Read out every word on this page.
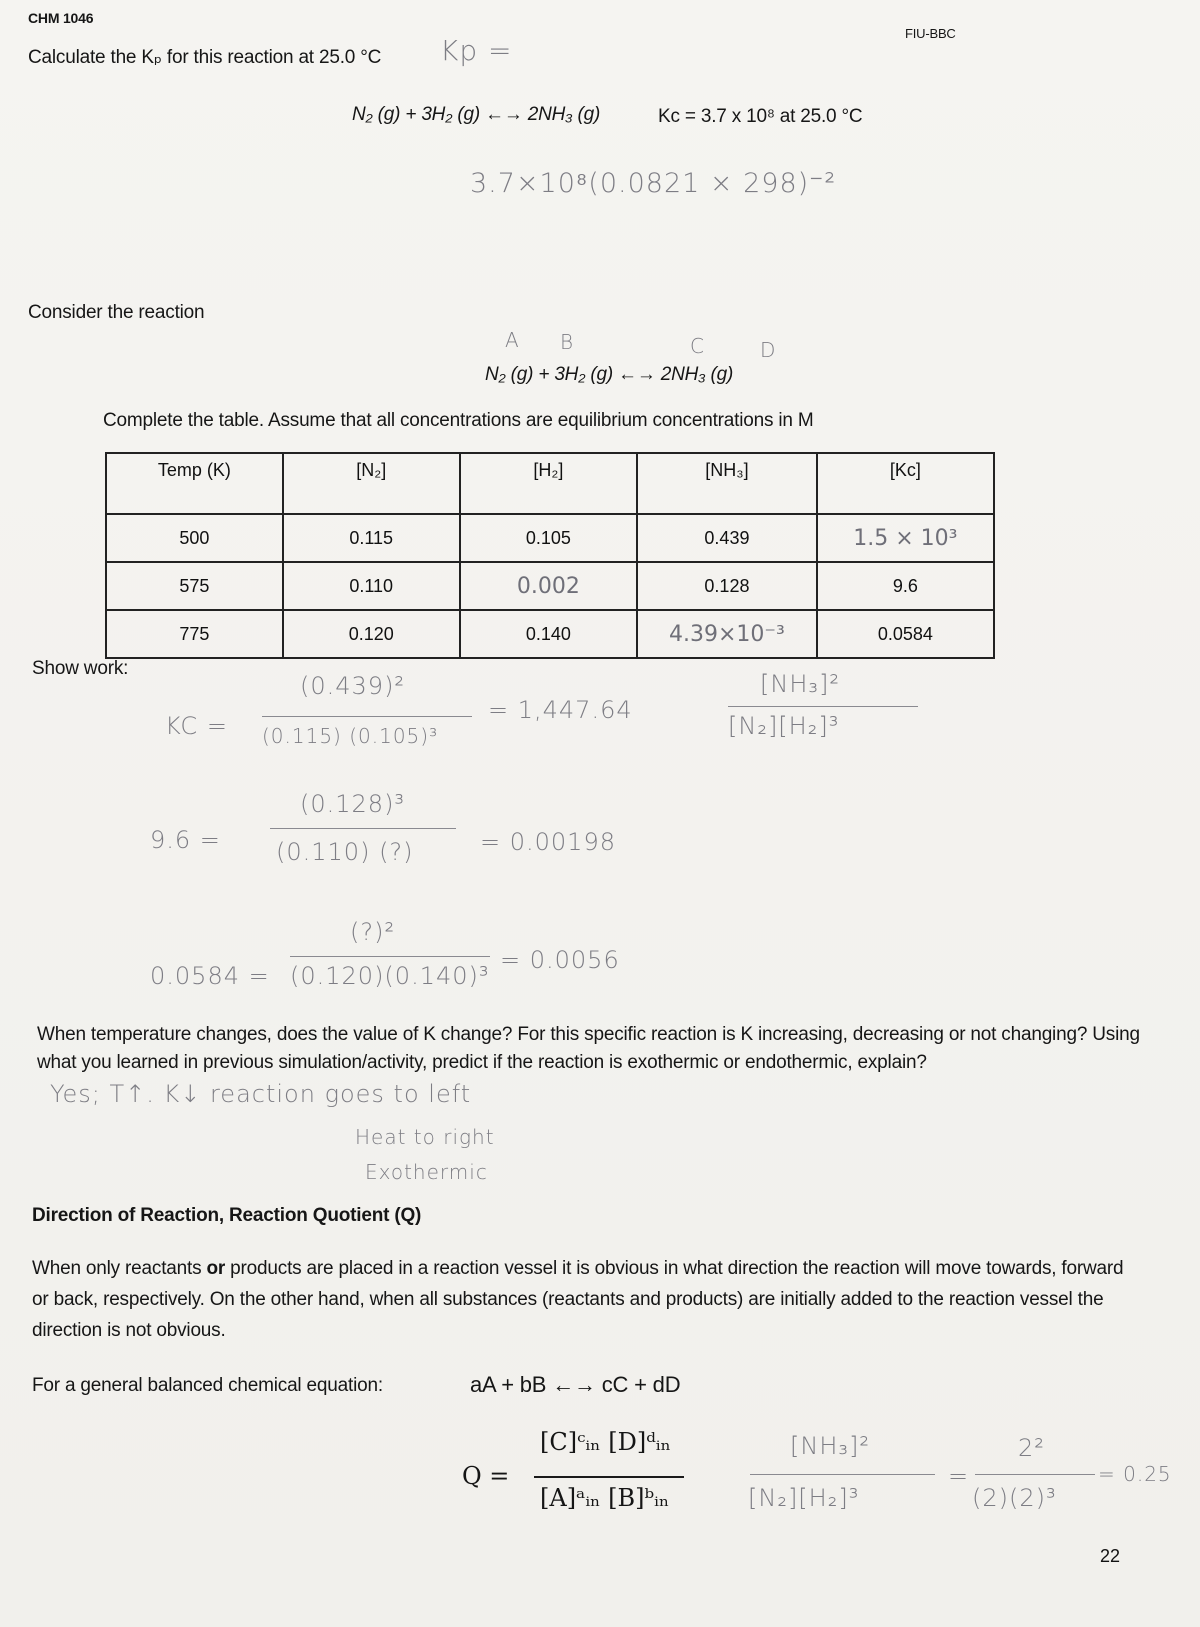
CHM 1046
FIU-BBC
Calculate the Kₚ for this reaction at 25.0 °C Kp =
N₂ (g) + 3H₂ (g) ←→ 2NH₃ (g)	Kc = 3.7 x 10⁸ at 25.0 °C
3.7×10⁸(0.0821 × 298)⁻²
Consider the reaction
A B	C	D
N₂ (g) + 3H₂ (g) ←→ 2NH₃ (g)
Complete the table. Assume that all concentrations are equilibrium concentrations in M
Temp (K)	[N₂]	[H₂]	[NH₃]	[Kc]
500	0.115	0.105	0.439	1.5 × 10³
575	0.110	0.002	0.128	9.6
775	0.120	0.140	4.39×10⁻³	0.0584
Show work:
KC =
(0.439)²
(0.115) (0.105)³
= 1,447.64
[NH₃]²
[N₂][H₂]³
9.6 =
(0.128)³
(0.110) (?)	= 0.00198
0.0584 =
(?)²
(0.120)(0.140)³
= 0.0056
When temperature changes, does the value of K change? For this specific reaction is K increasing, decreasing or not changing? Using
what you learned in previous simulation/activity, predict if the reaction is exothermic or endothermic, explain?
Yes; T↑. K↓ reaction goes to left
Heat to right
Exothermic
Direction of Reaction, Reaction Quotient (Q)
When only reactants or products are placed in a reaction vessel it is obvious in what direction the reaction will move towards, forward
or back, respectively. On the other hand, when all substances (reactants and products) are initially added to the reaction vessel the
direction is not obvious.
For a general balanced chemical equation:	aA + bB ←→ cC + dD
Q =
[C]ᶜᵢₙ [D]ᵈᵢₙ
[A]ᵃᵢₙ [B]ᵇᵢₙ
[NH₃]²
[N₂][H₂]³
=
2²
(2)(2)³
= 0.25
22
